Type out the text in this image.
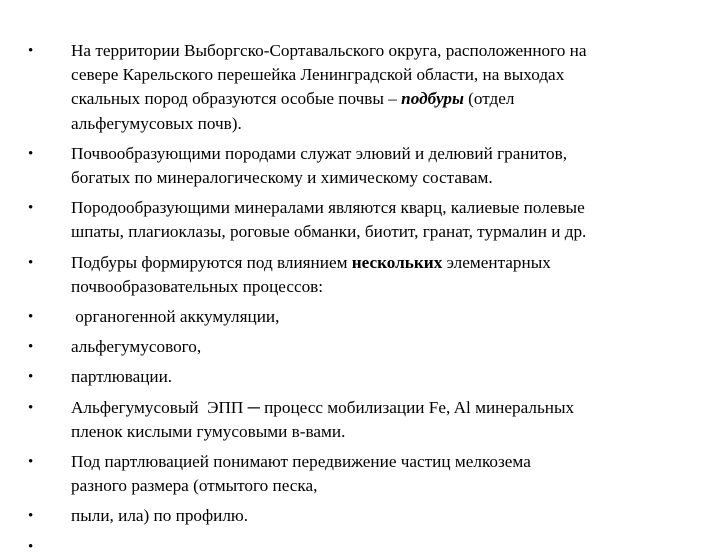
•	На территории Выборгско-Сортавальского округа, расположенного на
севере Карельского перешейка Ленинградской области, на выходах
скальных пород образуются особые почвы – подбуры (отдел
альфегумусовых почв).
•	Почвообразующими породами служат элювий и делювий гранитов,
богатых по минералогическому и химическому составам.
•	Породообразующими минералами являются кварц, калиевые полевые
шпаты, плагиоклазы, роговые обманки, биотит, гранат, турмалин и др.
•	Подбуры формируются под влиянием нескольких элементарных
почвообразовательных процессов:
•	органогенной аккумуляции,
•	альфегумусового,
•	партлювации.
•	Альфегумусовый  ЭПП ─ процесс мобилизации Fe, Al минеральных
пленок кислыми гумусовыми в-вами.
•	Под партлювацией понимают передвижение частиц мелкозема
разного размера (отмытого песка,
•	пыли, ила) по профилю.
•
